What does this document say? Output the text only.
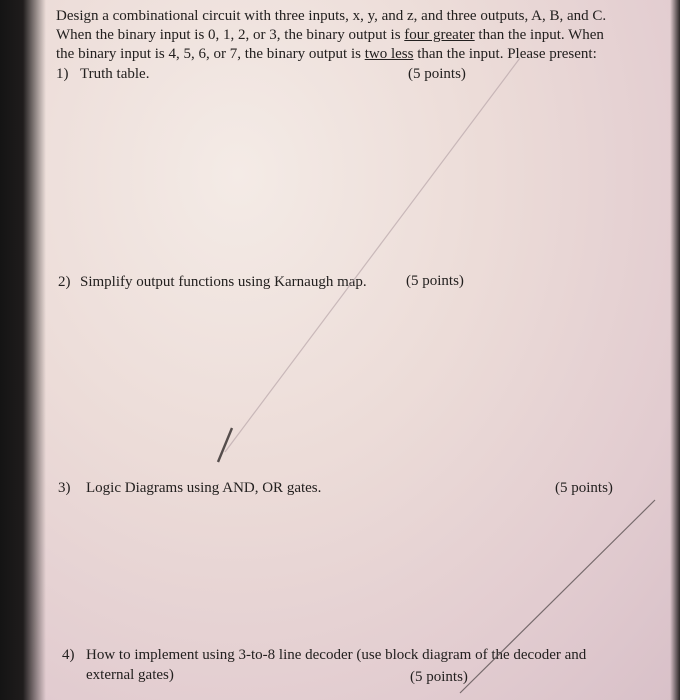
Design a combinational circuit with three inputs, x, y, and z, and three outputs, A, B, and C.
When the binary input is 0, 1, 2, or 3, the binary output is four greater than the input. When
the binary input is 4, 5, 6, or 7, the binary output is two less than the input. Please present:
1) Truth table.	(5 points)
2) Simplify output functions using Karnaugh map.	(5 points)
3) Logic Diagrams using AND, OR gates.	(5 points)
4) How to implement using 3-to-8 line decoder (use block diagram of the decoder and
external gates)	(5 points)
